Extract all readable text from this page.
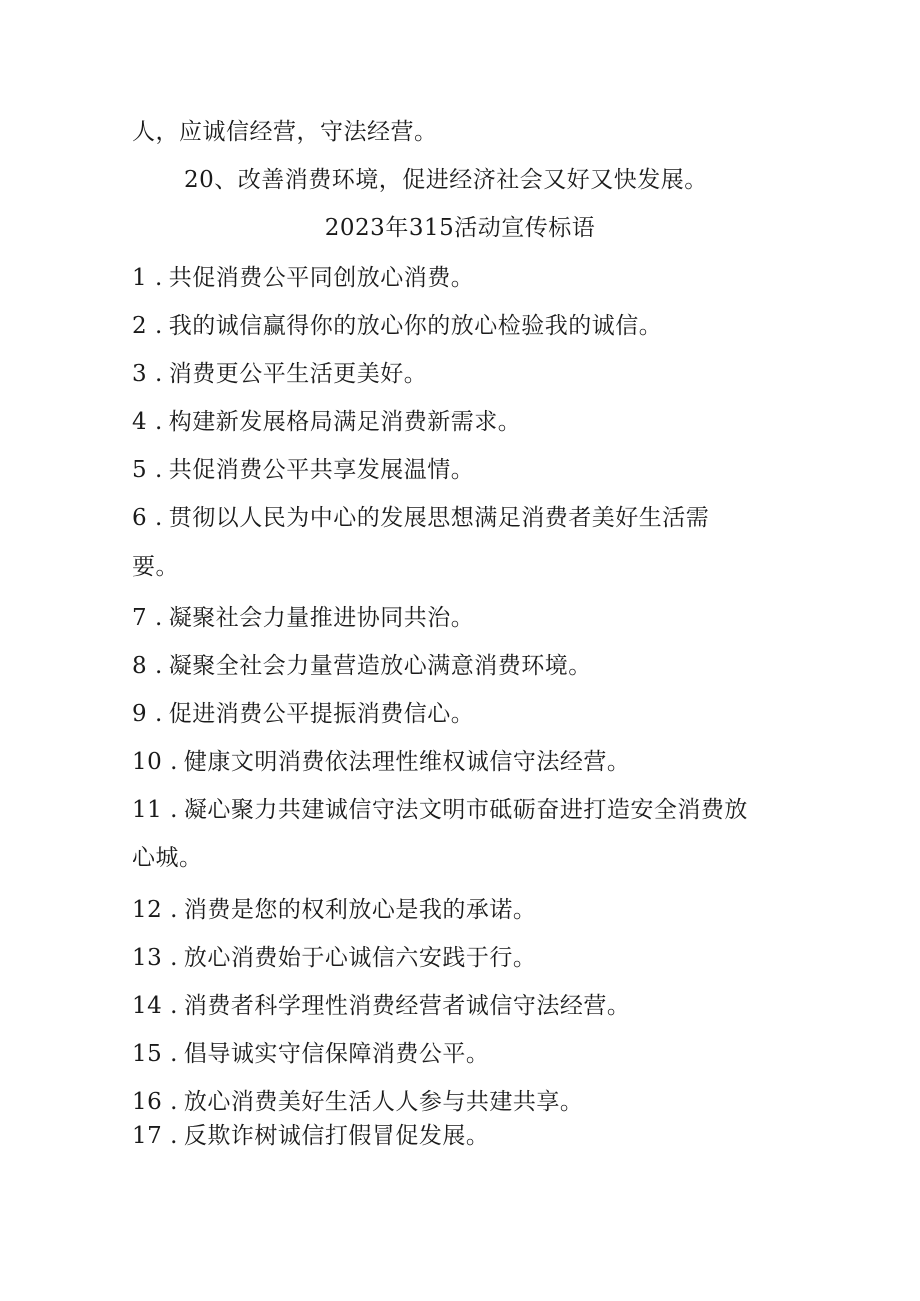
人，应诚信经营，守法经营。
20、改善消费环境，促进经济社会又好又快发展。
2023年315活动宣传标语
1 . 共促消费公平同创放心消费。
2 . 我的诚信赢得你的放心你的放心检验我的诚信。
3 . 消费更公平生活更美好。
4 . 构建新发展格局满足消费新需求。
5 . 共促消费公平共享发展温情。
6 . 贯彻以人民为中心的发展思想满足消费者美好生活需
要。
7 . 凝聚社会力量推进协同共治。
8 . 凝聚全社会力量营造放心满意消费环境。
9 . 促进消费公平提振消费信心。
10 . 健康文明消费依法理性维权诚信守法经营。
11 . 凝心聚力共建诚信守法文明市砥砺奋进打造安全消费放
心城。
12 . 消费是您的权利放心是我的承诺。
13 . 放心消费始于心诚信六安践于行。
14 . 消费者科学理性消费经营者诚信守法经营。
15 . 倡导诚实守信保障消费公平。
16 . 放心消费美好生活人人参与共建共享。
17 . 反欺诈树诚信打假冒促发展。
